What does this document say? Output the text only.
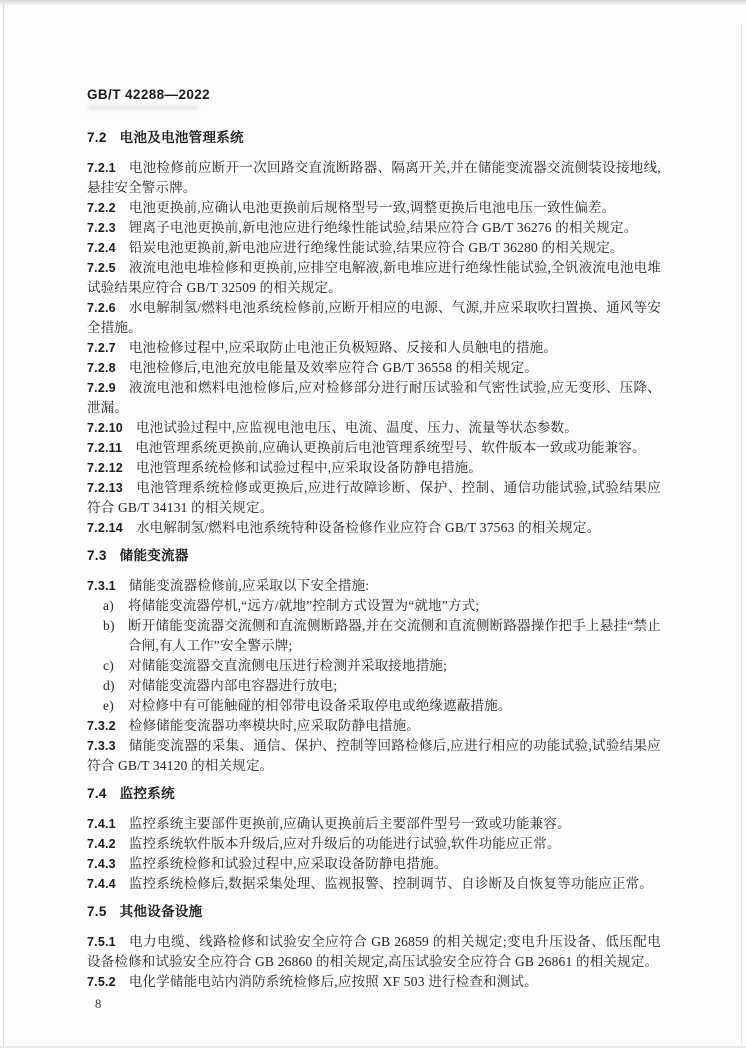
GB/T 42288—2022
7.2 电池及电池管理系统

7.2.1 电池检修前应断开一次回路交直流断路器、隔离开关,并在储能变流器交流侧装设接地线,悬挂安全警示牌。

7.2.2 电池更换前,应确认电池更换前后规格型号一致,调整更换后电池电压一致性偏差。

7.2.3 锂离子电池更换前,新电池应进行绝缘性能试验,结果应符合 GB/T 36276 的相关规定。

7.2.4 铅炭电池更换前,新电池应进行绝缘性能试验,结果应符合 GB/T 36280 的相关规定。

7.2.5 液流电池电堆检修和更换前,应排空电解液,新电堆应进行绝缘性能试验,全钒液流电池电堆试验结果应符合 GB/T 32509 的相关规定。

7.2.6 水电解制氢/燃料电池系统检修前,应断开相应的电源、气源,并应采取吹扫置换、通风等安全措施。

7.2.7 电池检修过程中,应采取防止电池正负极短路、反接和人员触电的措施。

7.2.8 电池检修后,电池充放电能量及效率应符合 GB/T 36558 的相关规定。

7.2.9 液流电池和燃料电池检修后,应对检修部分进行耐压试验和气密性试验,应无变形、压降、泄漏。

7.2.10 电池试验过程中,应监视电池电压、电流、温度、压力、流量等状态参数。

7.2.11 电池管理系统更换前,应确认更换前后电池管理系统型号、软件版本一致或功能兼容。

7.2.12 电池管理系统检修和试验过程中,应采取设备防静电措施。

7.2.13 电池管理系统检修或更换后,应进行故障诊断、保护、控制、通信功能试验,试验结果应符合 GB/T 34131 的相关规定。

7.2.14 水电解制氢/燃料电池系统特种设备检修作业应符合 GB/T 37563 的相关规定。

7.3 储能变流器

7.3.1 储能变流器检修前,应采取以下安全措施:

a) 将储能变流器停机,“远方/就地”控制方式设置为“就地”方式;
b) 断开储能变流器交流侧和直流侧断路器,并在交流侧和直流侧断路器操作把手上悬挂“禁止合闸,有人工作”安全警示牌;
c) 对储能变流器交直流侧电压进行检测并采取接地措施;
d) 对储能变流器内部电容器进行放电;
e) 对检修中有可能触碰的相邻带电设备采取停电或绝缘遮蔽措施。

7.3.2 检修储能变流器功率模块时,应采取防静电措施。

7.3.3 储能变流器的采集、通信、保护、控制等回路检修后,应进行相应的功能试验,试验结果应符合 GB/T 34120 的相关规定。

7.4 监控系统

7.4.1 监控系统主要部件更换前,应确认更换前后主要部件型号一致或功能兼容。

7.4.2 监控系统软件版本升级后,应对升级后的功能进行试验,软件功能应正常。

7.4.3 监控系统检修和试验过程中,应采取设备防静电措施。

7.4.4 监控系统检修后,数据采集处理、监视报警、控制调节、自诊断及自恢复等功能应正常。

7.5 其他设备设施

7.5.1 电力电缆、线路检修和试验安全应符合 GB 26859 的相关规定;变电升压设备、低压配电设备检修和试验安全应符合 GB 26860 的相关规定,高压试验安全应符合 GB 26861 的相关规定。

7.5.2 电化学储能电站内消防系统检修后,应按照 XF 503 进行检查和测试。

8
